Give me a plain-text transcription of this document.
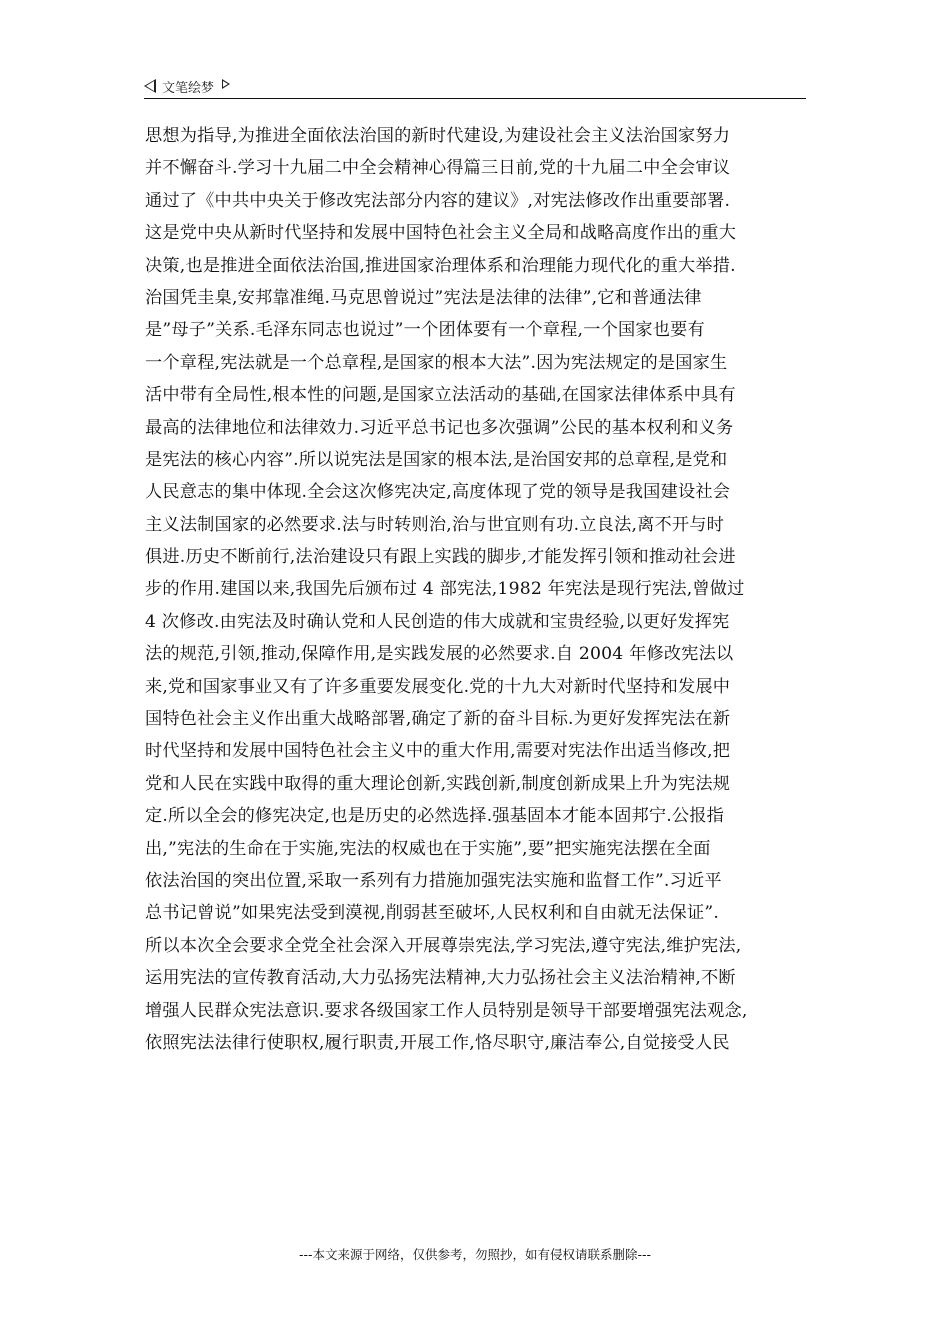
文笔绘梦
思想为指导,为推进全面依法治国的新时代建设,为建设社会主义法治国家努力
并不懈奋斗.学习十九届二中全会精神心得篇三日前,党的十九届二中全会审议
通过了《中共中央关于修改宪法部分内容的建议》,对宪法修改作出重要部署.
这是党中央从新时代坚持和发展中国特色社会主义全局和战略高度作出的重大
决策,也是推进全面依法治国,推进国家治理体系和治理能力现代化的重大举措.
治国凭圭臬,安邦靠准绳.马克思曾说过”宪法是法律的法律”,它和普通法律
是”母子”关系.毛泽东同志也说过”一个团体要有一个章程,一个国家也要有
一个章程,宪法就是一个总章程,是国家的根本大法”.因为宪法规定的是国家生
活中带有全局性,根本性的问题,是国家立法活动的基础,在国家法律体系中具有
最高的法律地位和法律效力.习近平总书记也多次强调”公民的基本权利和义务
是宪法的核心内容”.所以说宪法是国家的根本法,是治国安邦的总章程,是党和
人民意志的集中体现.全会这次修宪决定,高度体现了党的领导是我国建设社会
主义法制国家的必然要求.法与时转则治,治与世宜则有功.立良法,离不开与时
俱进.历史不断前行,法治建设只有跟上实践的脚步,才能发挥引领和推动社会进
步的作用.建国以来,我国先后颁布过 4 部宪法,1982 年宪法是现行宪法,曾做过
4 次修改.由宪法及时确认党和人民创造的伟大成就和宝贵经验,以更好发挥宪
法的规范,引领,推动,保障作用,是实践发展的必然要求.自 2004 年修改宪法以
来,党和国家事业又有了许多重要发展变化.党的十九大对新时代坚持和发展中
国特色社会主义作出重大战略部署,确定了新的奋斗目标.为更好发挥宪法在新
时代坚持和发展中国特色社会主义中的重大作用,需要对宪法作出适当修改,把
党和人民在实践中取得的重大理论创新,实践创新,制度创新成果上升为宪法规
定.所以全会的修宪决定,也是历史的必然选择.强基固本才能本固邦宁.公报指
出,”宪法的生命在于实施,宪法的权威也在于实施”,要”把实施宪法摆在全面
依法治国的突出位置,采取一系列有力措施加强宪法实施和监督工作”.习近平
总书记曾说”如果宪法受到漠视,削弱甚至破坏,人民权利和自由就无法保证”.
所以本次全会要求全党全社会深入开展尊崇宪法,学习宪法,遵守宪法,维护宪法,
运用宪法的宣传教育活动,大力弘扬宪法精神,大力弘扬社会主义法治精神,不断
增强人民群众宪法意识.要求各级国家工作人员特别是领导干部要增强宪法观念,
依照宪法法律行使职权,履行职责,开展工作,恪尽职守,廉洁奉公,自觉接受人民
---本文来源于网络，仅供参考，勿照抄，如有侵权请联系删除---
